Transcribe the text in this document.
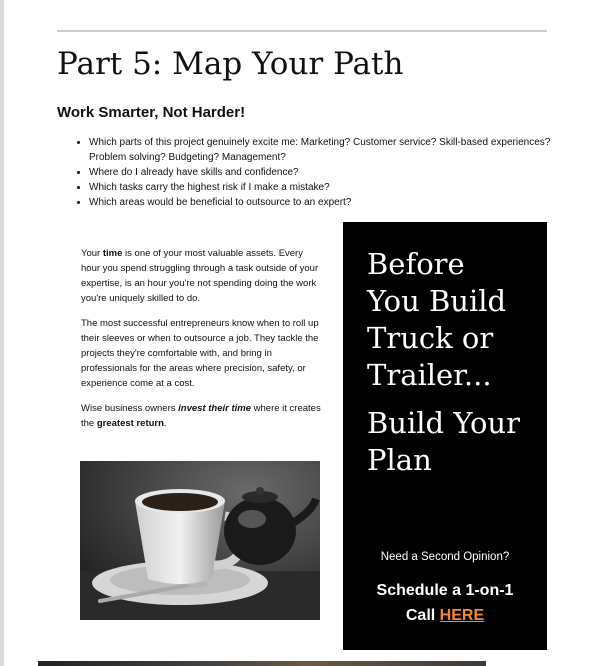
Part 5: Map Your Path
Work Smarter, Not Harder!
• Which parts of this project genuinely excite me: Marketing? Customer service? Skill-based experiences? Problem solving? Budgeting? Management?
• Where do I already have skills and confidence?
• Which tasks carry the highest risk if I make a mistake?
• Which areas would be beneficial to outsource to an expert?

Your time is one of your most valuable assets. Every hour you spend struggling through a task outside of your expertise, is an hour you're not spending doing the work you're uniquely skilled to do.

The most successful entrepreneurs know when to roll up their sleeves or when to outsource a job. They tackle the projects they're comfortable with, and bring in professionals for the areas where precision, safety, or experience come at a cost.

Wise business owners invest their time where it creates the greatest return.

Before
You Build
Truck or
Trailer...
Build Your
Plan
Need a Second Opinion?
Schedule a 1-on-1
Call HERE
